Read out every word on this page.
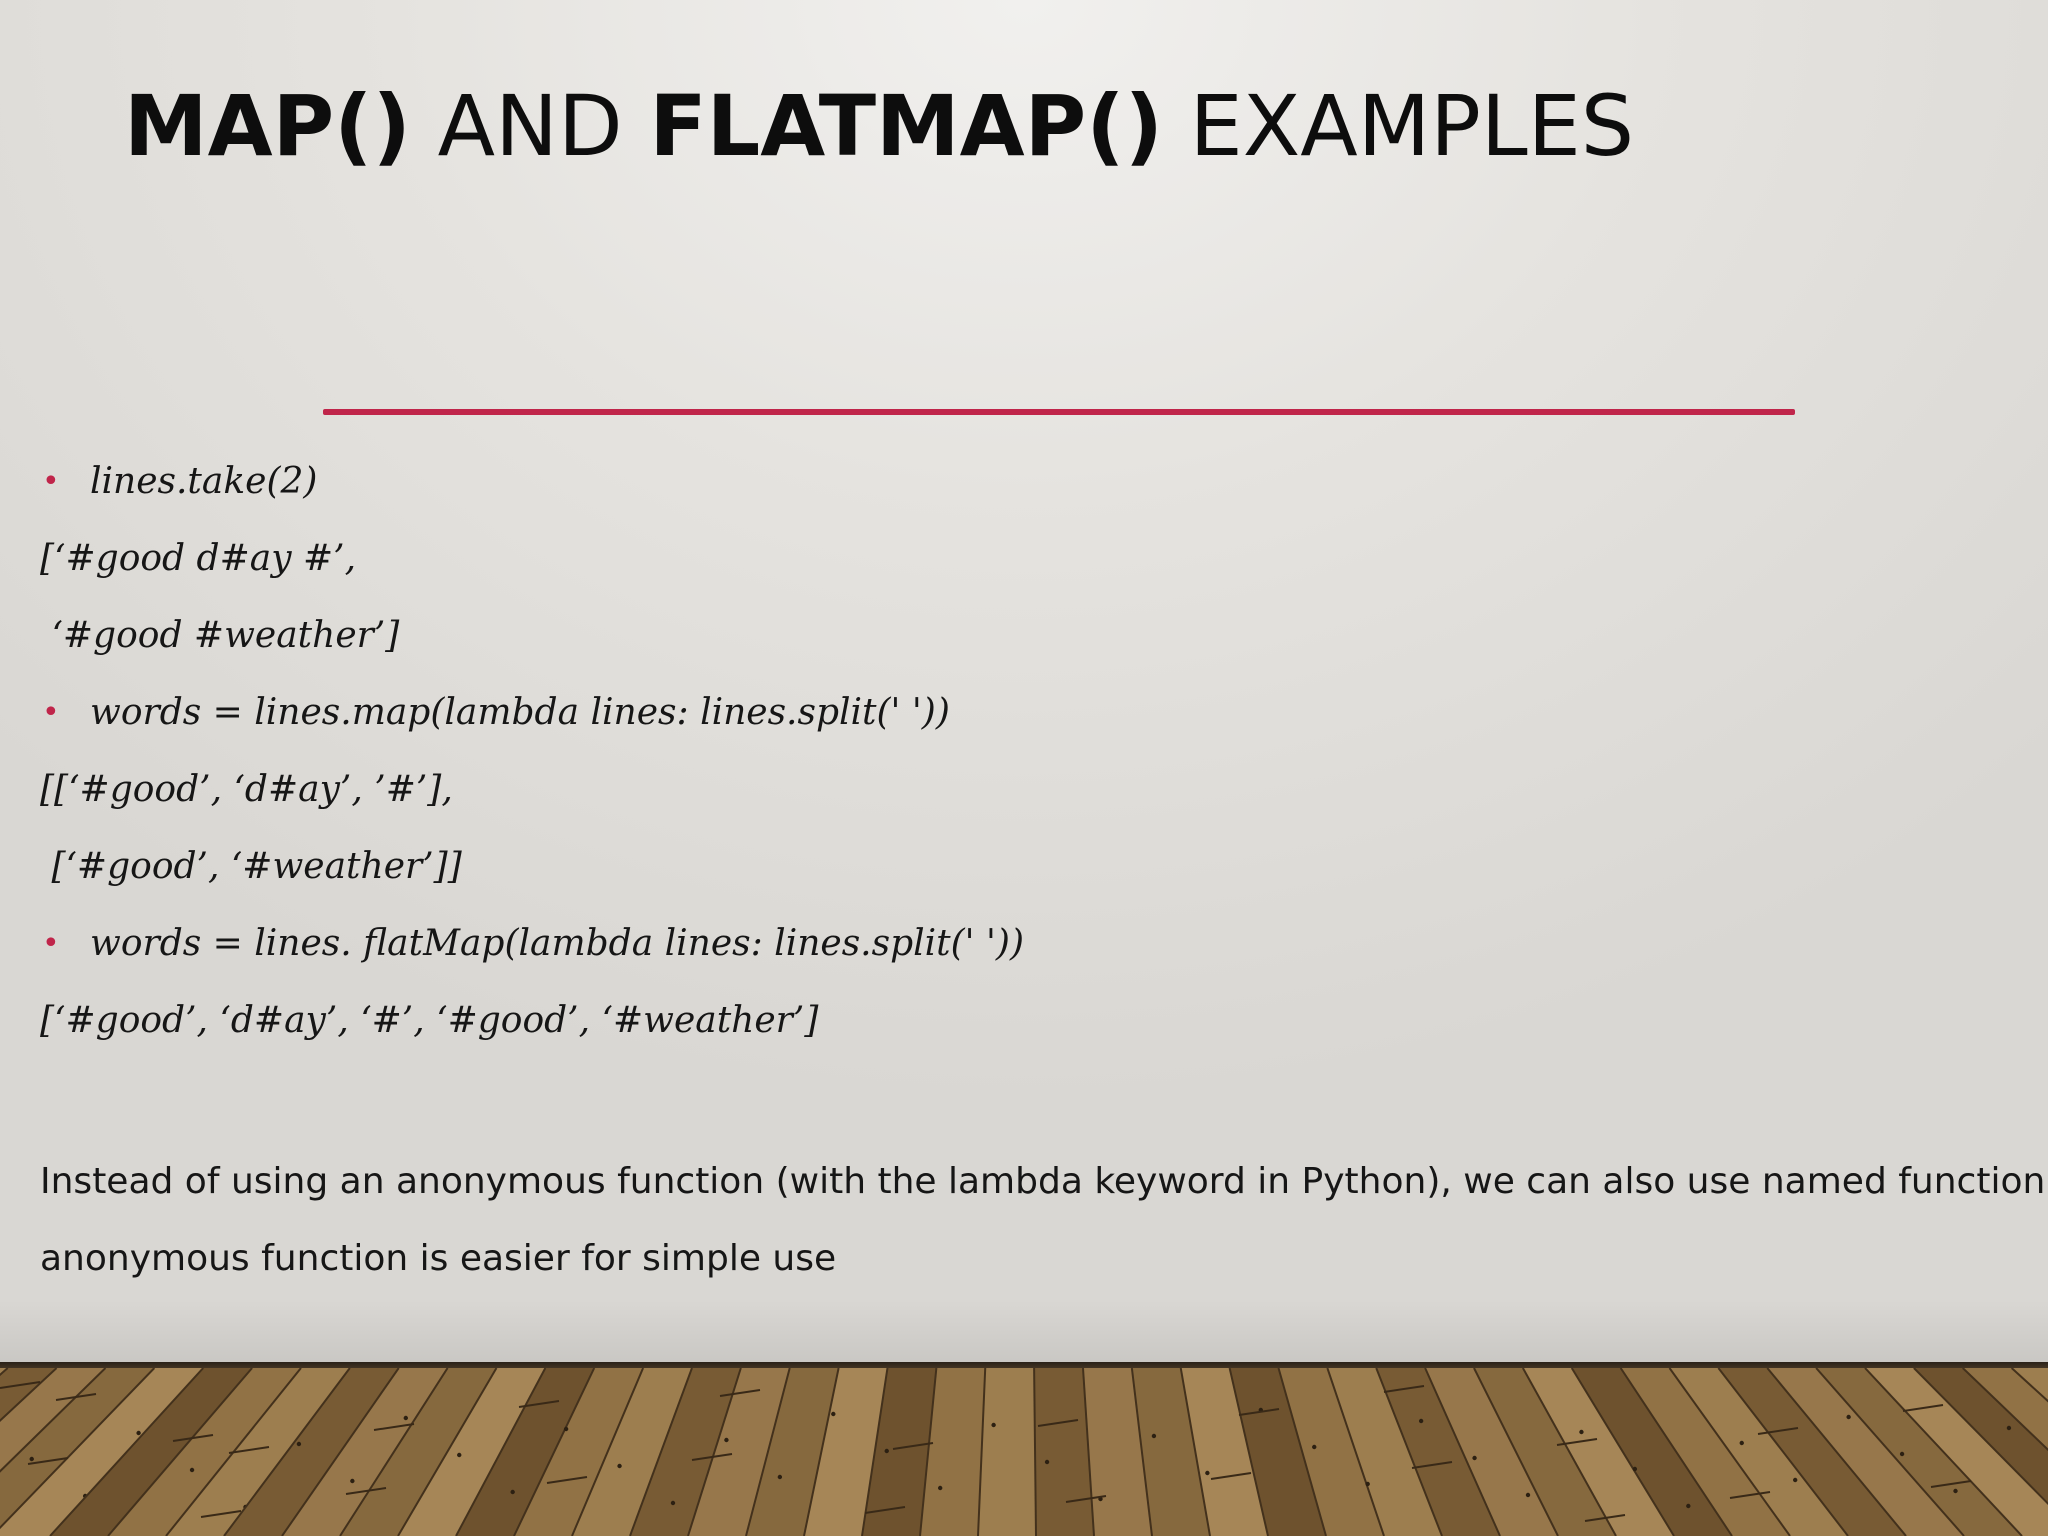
MAP() AND FLATMAP() EXAMPLES
• lines.take(2)
[‘#good d#ay #’,
‘#good #weather’]
• words = lines.map(lambda lines: lines.split(' '))
[[‘#good’, ‘d#ay’, ’#’],
[‘#good’, ‘#weather’]]
• words = lines. flatMap(lambda lines: lines.split(' '))
[‘#good’, ‘d#ay’, ‘#’, ‘#good’, ‘#weather’]
Instead of using an anonymous function (with the lambda keyword in Python), we can also use named function
anonymous function is easier for simple use
